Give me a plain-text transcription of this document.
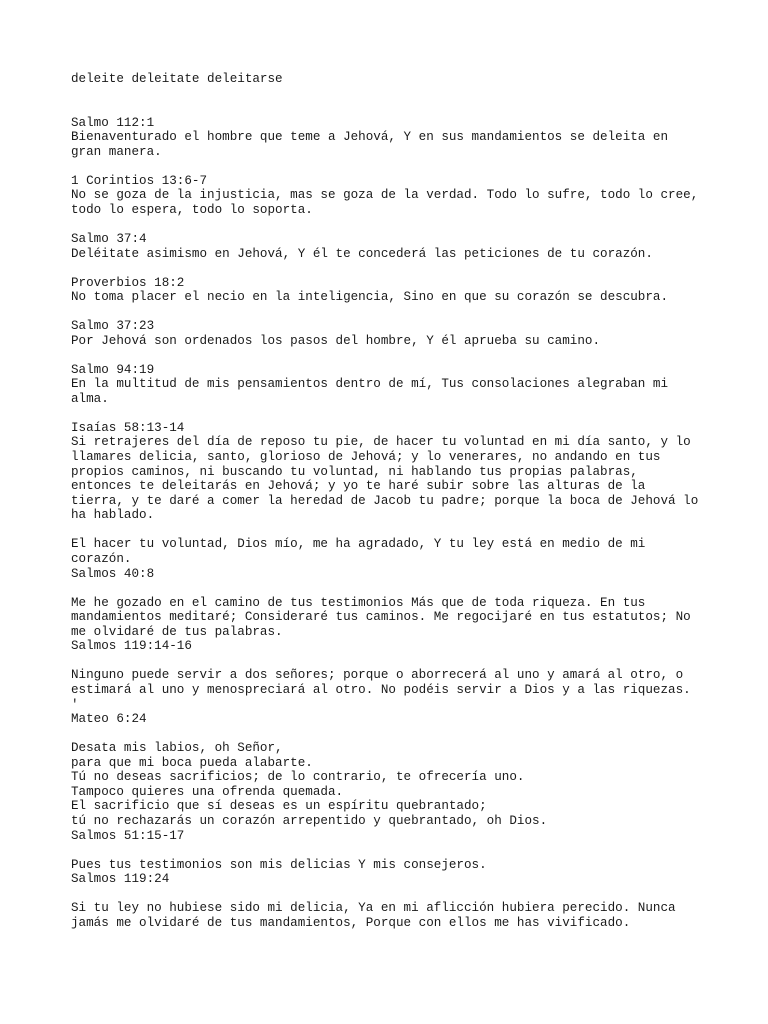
deleite deleitate deleitarse
Salmo 112:1
Bienaventurado el hombre que teme a Jehová, Y en sus mandamientos se deleita en
gran manera.
1 Corintios 13:6-7
No se goza de la injusticia, mas se goza de la verdad. Todo lo sufre, todo lo cree,
todo lo espera, todo lo soporta.
Salmo 37:4
Deléitate asimismo en Jehová, Y él te concederá las peticiones de tu corazón.
Proverbios 18:2
No toma placer el necio en la inteligencia, Sino en que su corazón se descubra.
Salmo 37:23
Por Jehová son ordenados los pasos del hombre, Y él aprueba su camino.
Salmo 94:19
En la multitud de mis pensamientos dentro de mí, Tus consolaciones alegraban mi
alma.
Isaías 58:13-14
Si retrajeres del día de reposo tu pie, de hacer tu voluntad en mi día santo, y lo
llamares delicia, santo, glorioso de Jehová; y lo venerares, no andando en tus
propios caminos, ni buscando tu voluntad, ni hablando tus propias palabras,
entonces te deleitarás en Jehová; y yo te haré subir sobre las alturas de la
tierra, y te daré a comer la heredad de Jacob tu padre; porque la boca de Jehová lo
ha hablado.
El hacer tu voluntad, Dios mío, me ha agradado, Y tu ley está en medio de mi
corazón.
Salmos 40:8
Me he gozado en el camino de tus testimonios Más que de toda riqueza. En tus
mandamientos meditaré; Consideraré tus caminos. Me regocijaré en tus estatutos; No
me olvidaré de tus palabras.
Salmos 119:14-16
Ninguno puede servir a dos señores; porque o aborrecerá al uno y amará al otro, o
estimará al uno y menospreciará al otro. No podéis servir a Dios y a las riquezas.
'
Mateo 6:24
Desata mis labios, oh Señor,
para que mi boca pueda alabarte.
Tú no deseas sacrificios; de lo contrario, te ofrecería uno.
Tampoco quieres una ofrenda quemada.
El sacrificio que sí deseas es un espíritu quebrantado;
tú no rechazarás un corazón arrepentido y quebrantado, oh Dios.
Salmos 51:15-17
Pues tus testimonios son mis delicias Y mis consejeros.
Salmos 119:24
Si tu ley no hubiese sido mi delicia, Ya en mi aflicción hubiera perecido. Nunca
jamás me olvidaré de tus mandamientos, Porque con ellos me has vivificado.
